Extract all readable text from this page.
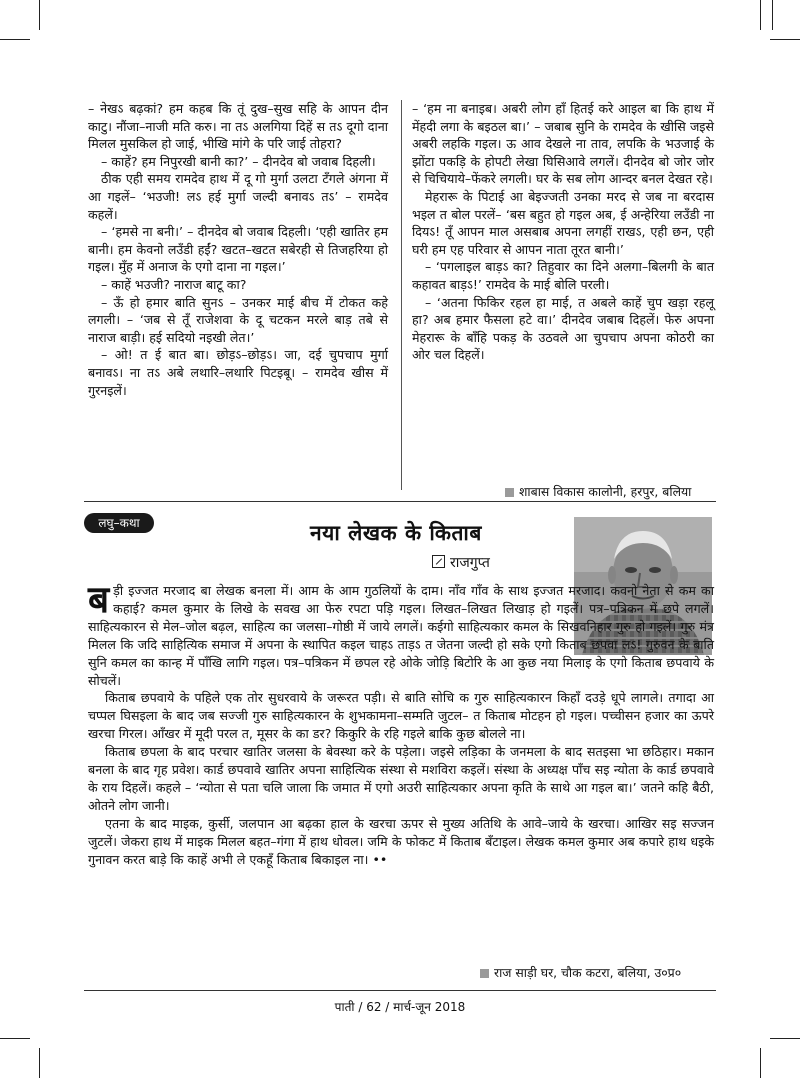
– नेखऽ बढ़कां? हम कहब कि तूं दुख–सुख सहि के आपन दीन काटु। नौंजा–नाजी मति करु। ना तऽ अलगिया दिहें स तऽ दूगो दाना मिलल मुसकिल हो जाई, भीखि मांगे के परि जाई तोहरा?

– काहें? हम निपुरखी बानी का?’ – दीनदेव बो जवाब दिहली।

ठीक एही समय रामदेव हाथ में दू गो मुर्गा उलटा टँगले अंगना में आ गइलें– ‘भउजी! लऽ हई मुर्गा जल्दी बनावऽ तऽ’ – रामदेव कहलें।

– ‘हमसे ना बनी।’ – दीनदेव बो जवाब दिहली। ‘एही खातिर हम बानी। हम केवनो लउँडी हईं? खटत–खटत सबेरही से तिजहरिया हो गइल। मुँह में अनाज के एगो दाना ना गइल।’

– काहें भउजी? नाराज बाटू का?

– ऊँ हो हमार बाति सुनऽ – उनकर माई बीच में टोकत कहे लगली। – ‘जब से तूँ राजेशवा के दू चटकन मरले बाड़ तबे से नाराज बाड़ी। हई सदियो नइखी लेत।’

– ओ! त ई बात बा। छोड़ऽ–छोड़ऽ। जा, दई चुपचाप मुर्गा बनावऽ। ना तऽ अबे लथारि–लथारि पिटइबू। – रामदेव खीस में गुरनइलें।

– ‘हम ना बनाइब। अबरी लोग हाँ हितई करे आइल बा कि हाथ में मेंहदी लगा के बइठल बा।’ – जबाब सुनि के रामदेव के खीसि जइसे अबरी लहकि गइल। ऊ आव देखले ना ताव, लपकि के भउजाई के झोंटा पकड़ि के होपटी लेखा घिसिआवे लगलें। दीनदेव बो जोर जोर से चिचियाये–फेंकरे लगली। घर के सब लोग आन्दर बनल देखत रहे।

मेहरारू के पिटाई आ बेइज्जती उनका मरद से जब ना बरदास भइल त बोल परलें– ‘बस बहुत हो गइल अब, ई अन्हेरिया लउँडी ना दियऽ! तूँ आपन माल असबाब अपना लगहीं राखऽ, एही छन, एही घरी हम एह परिवार से आपन नाता तूरत बानी।’

– ‘पगलाइल बाड़ऽ का? तिहुवार का दिने अलगा–बिलगी के बात कहावत बाड़ऽ!’ रामदेव के माई बोलि परली।

– ‘अतना फिकिर रहल हा माई, त अबले काहें चुप खड़ा रहलू हा? अब हमार फैसला हटे वा।’ दीनदेव जबाब दिहलें। फेरु अपना मेहरारू के बाँहि पकड़ के उठवले आ चुपचाप अपना कोठरी का ओर चल दिहलें।

शाबास विकास कालोनी, हरपुर, बलिया
लघु–कथा	नया लेखक के किताब
राजगुप्त

बड़ी इज्जत मरजाद बा लेखक बनला में। आम के आम गुठलियों के दाम। नाँव गाँव के साथ इज्जत मरजाद। कवनो नेता से कम का कहाई? कमल कुमार के लिखे के सवख आ फेरु रपटा पड़ि गइल। लिखत–लिखत लिखाड़ हो गइलें। पत्र–पत्रिकन में छपे लगलें। साहित्यकारन से मेल–जोल बढ़ल, साहित्य का जलसा–गोष्ठी में जाये लगलें। कईगो साहित्यकार कमल के सिखवनिहार गुरु हो गइलें। गुरु मंत्र मिलल कि जदि साहित्यिक समाज में अपना के स्थापित कइल चाहऽ ताड़ऽ त जेतना जल्दी हो सके एगो किताब छपवा लऽ! गुरुवन के बाति सुनि कमल का कान्ह में पाँखि लागि गइल। पत्र–पत्रिकन में छपल रहे ओके जोड़ि बिटोरि के आ कुछ नया मिलाइ के एगो किताब छपवाये के सोचलें।

किताब छपवाये के पहिले एक तोर सुधरवाये के जरूरत पड़ी। से बाति सोचि क गुरु साहित्यकारन किहाँ दउड़े धूपे लागले। तगादा आ चप्पल घिसइला के बाद जब सज्जी गुरु साहित्यकारन के शुभकामना–सम्मति जुटल– त किताब मोटहन हो गइल। पच्चीसन हजार का ऊपरे खरचा गिरल। आँखर में मूदी परल त, मूसर के का डर? किकुरि के रहि गइले बाकि कुछ बोलले ना।

किताब छपला के बाद परचार खातिर जलसा के बेवस्था करे के पड़ेला। जइसे लड़िका के जनमला के बाद सतइसा भा छठिहार। मकान बनला के बाद गृह प्रवेश। कार्ड छपवावे खातिर अपना साहित्यिक संस्था से मशविरा कइलें। संस्था के अध्यक्ष पाँच सइ न्योता के कार्ड छपवावे के राय दिहलें। कहले – ‘न्योता से पता चलि जाला कि जमात में एगो अउरी साहित्यकार अपना कृति के साथे आ गइल बा।’ जतने कहि बैठी, ओतने लोग जानी।

एतना के बाद माइक, कुर्सी, जलपान आ बढ़का हाल के खरचा ऊपर से मुख्य अतिथि के आवे–जाये के खरचा। आखिर सइ सज्जन जुटलें। जेकरा हाथ में माइक मिलल बहत–गंगा में हाथ धोवल। जमि के फोकट में किताब बँटाइल। लेखक कमल कुमार अब कपारे हाथ धइके गुनावन करत बाड़े कि काहें अभी ले एकहूँ किताब बिकाइल ना। ••

राज साड़ी घर, चौक कटरा, बलिया, उ०प्र०
पाती / 62 / मार्च-जून 2018
